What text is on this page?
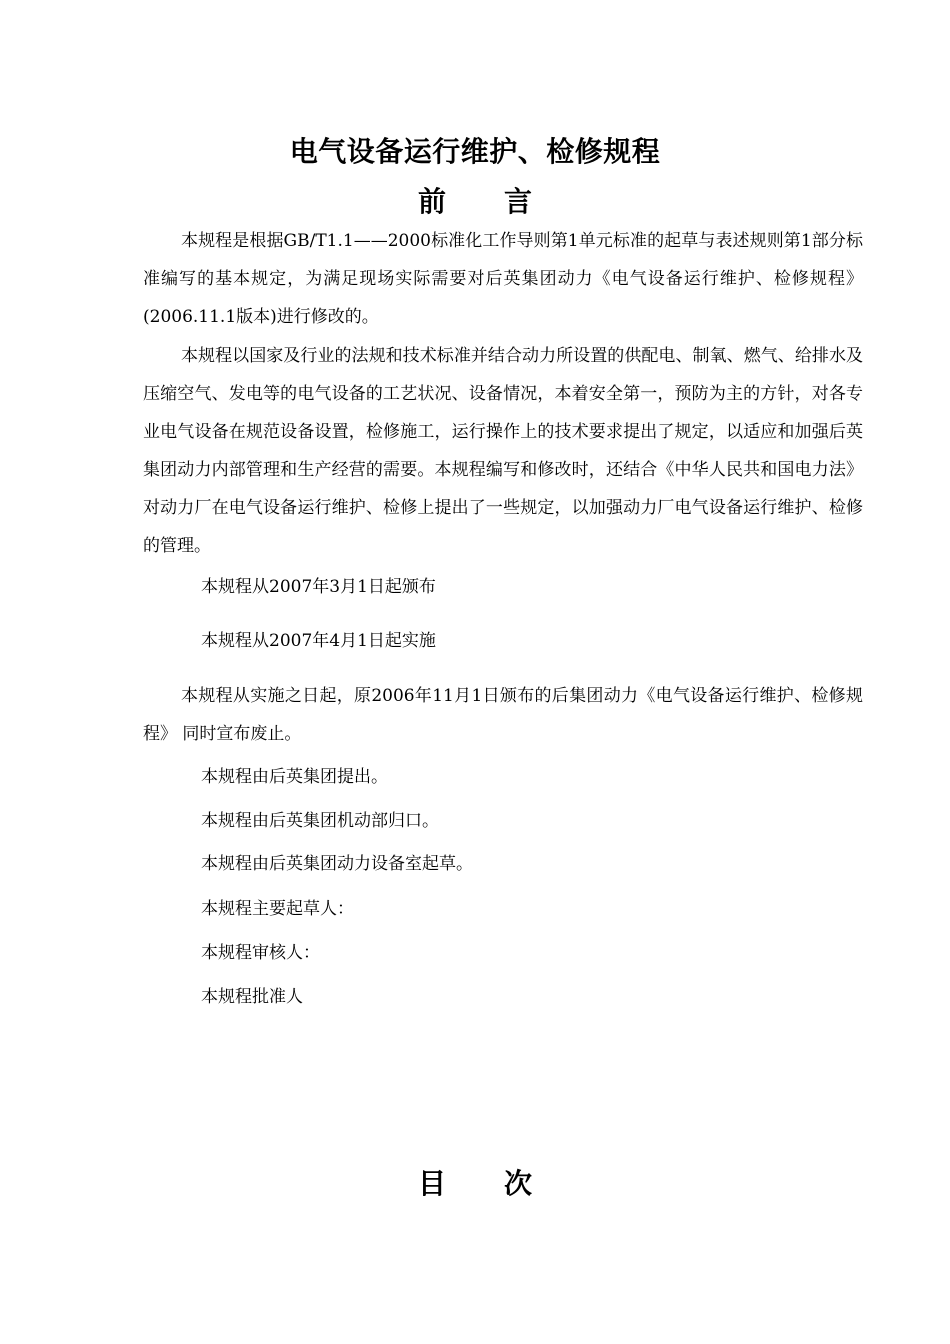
电气设备运行维护、检修规程
前 言

本规程是根据GB/T1.1——2000标准化工作导则第1单元标准的起草与表述规则第1部分标准编写的基本规定，为满足现场实际需要对后英集团动力《电气设备运行维护、检修规程》(2006.11.1版本)进行修改的。

本规程以国家及行业的法规和技术标准并结合动力所设置的供配电、制氧、燃气、给排水及压缩空气、发电等的电气设备的工艺状况、设备情况，本着安全第一，预防为主的方针，对各专业电气设备在规范设备设置，检修施工，运行操作上的技术要求提出了规定，以适应和加强后英集团动力内部管理和生产经营的需要。本规程编写和修改时，还结合《中华人民共和国电力法》对动力厂在电气设备运行维护、检修上提出了一些规定，以加强动力厂电气设备运行维护、检修的管理。

本规程从2007年3月1日起颁布

本规程从2007年4月1日起实施

本规程从实施之日起，原2006年11月1日颁布的后集团动力《电气设备运行维护、检修规程》 同时宣布废止。

本规程由后英集团提出。

本规程由后英集团机动部归口。

本规程由后英集团动力设备室起草。

本规程主要起草人：

本规程审核人：

本规程批准人

目 次
